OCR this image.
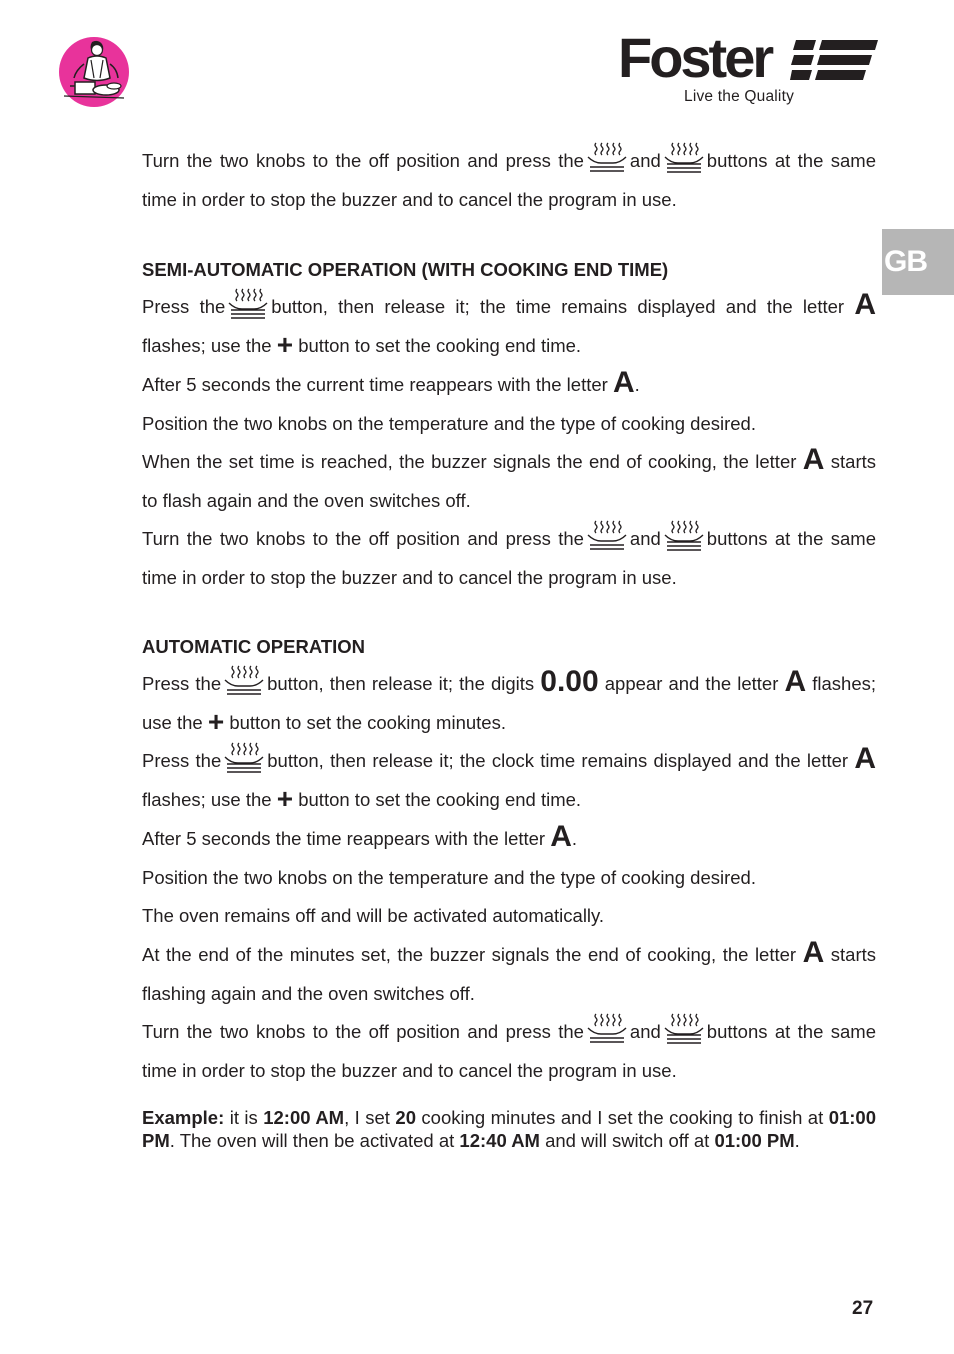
Foster
Live the Quality
GB

Turn the two knobs to the off position and press the and buttons at the same time in order to stop the buzzer and to cancel the program in use.

SEMI-AUTOMATIC OPERATION (WITH COOKING END TIME)

Press the button, then release it; the time remains displayed and the letter A flashes; use the + button to set the cooking end time.

After 5 seconds the current time reappears with the letter A.

Position the two knobs on the temperature and the type of cooking desired.

When the set time is reached, the buzzer signals the end of cooking, the letter A starts to flash again and the oven switches off.

Turn the two knobs to the off position and press the and buttons at the same time in order to stop the buzzer and to cancel the program in use.

AUTOMATIC OPERATION

Press the button, then release it; the digits 0.00 appear and the letter A flashes; use the + button to set the cooking minutes.

Press the button, then release it; the clock time remains displayed and the letter A flashes; use the + button to set the cooking end time.

After 5 seconds the time reappears with the letter A.

Position the two knobs on the temperature and the type of cooking desired.

The oven remains off and will be activated automatically.

At the end of the minutes set, the buzzer signals the end of cooking, the letter A starts flashing again and the oven switches off.

Turn the two knobs to the off position and press the and buttons at the same time in order to stop the buzzer and to cancel the program in use.

Example: it is 12:00 AM, I set 20 cooking minutes and I set the cooking to finish at 01:00 PM. The oven will then be activated at 12:40 AM and will switch off at 01:00 PM.

27
